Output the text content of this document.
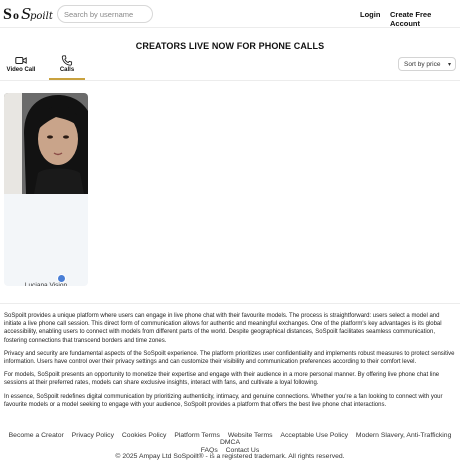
S o S
poilt
Search by username	Login Create Free Account
CREATORS LIVE NOW FOR PHONE CALLS
Video Call	Calls
Sort by price ▾
Luciana Vision

SoSpoilt provides a unique platform where users can engage in live phone chat with their favourite models. The process is straightforward: users select a model and initiate a live phone call session. This direct form of communication allows for authentic and meaningful exchanges. One of the platform's key advantages is its global accessibility, enabling users to connect with models from different parts of the world. Despite geographical distances, SoSpoilt facilitates seamless communication, fostering connections that transcend borders and time zones.

Privacy and security are fundamental aspects of the SoSpoilt experience. The platform prioritizes user confidentiality and implements robust measures to protect sensitive information. Users have control over their privacy settings and can customize their visibility and communication preferences according to their comfort level.

For models, SoSpoilt presents an opportunity to monetize their expertise and engage with their audience in a more personal manner. By offering live phone chat line sessions at their preferred rates, models can share exclusive insights, interact with fans, and cultivate a loyal following.

In essence, SoSpoilt redefines digital communication by prioritizing authenticity, intimacy, and genuine connections. Whether you're a fan looking to connect with your favourite models or a model seeking to engage with your audience, SoSpoilt provides a platform that offers the best live phone chat interactions.

Become a Creator Privacy Policy Cookies Policy Platform Terms Website Terms Acceptable Use Policy Modern Slavery, Anti-Trafficking DMCA
FAQs Contact Us
© 2025 Ampay Ltd SoSpoilt® - is a registered trademark. All rights reserved.
